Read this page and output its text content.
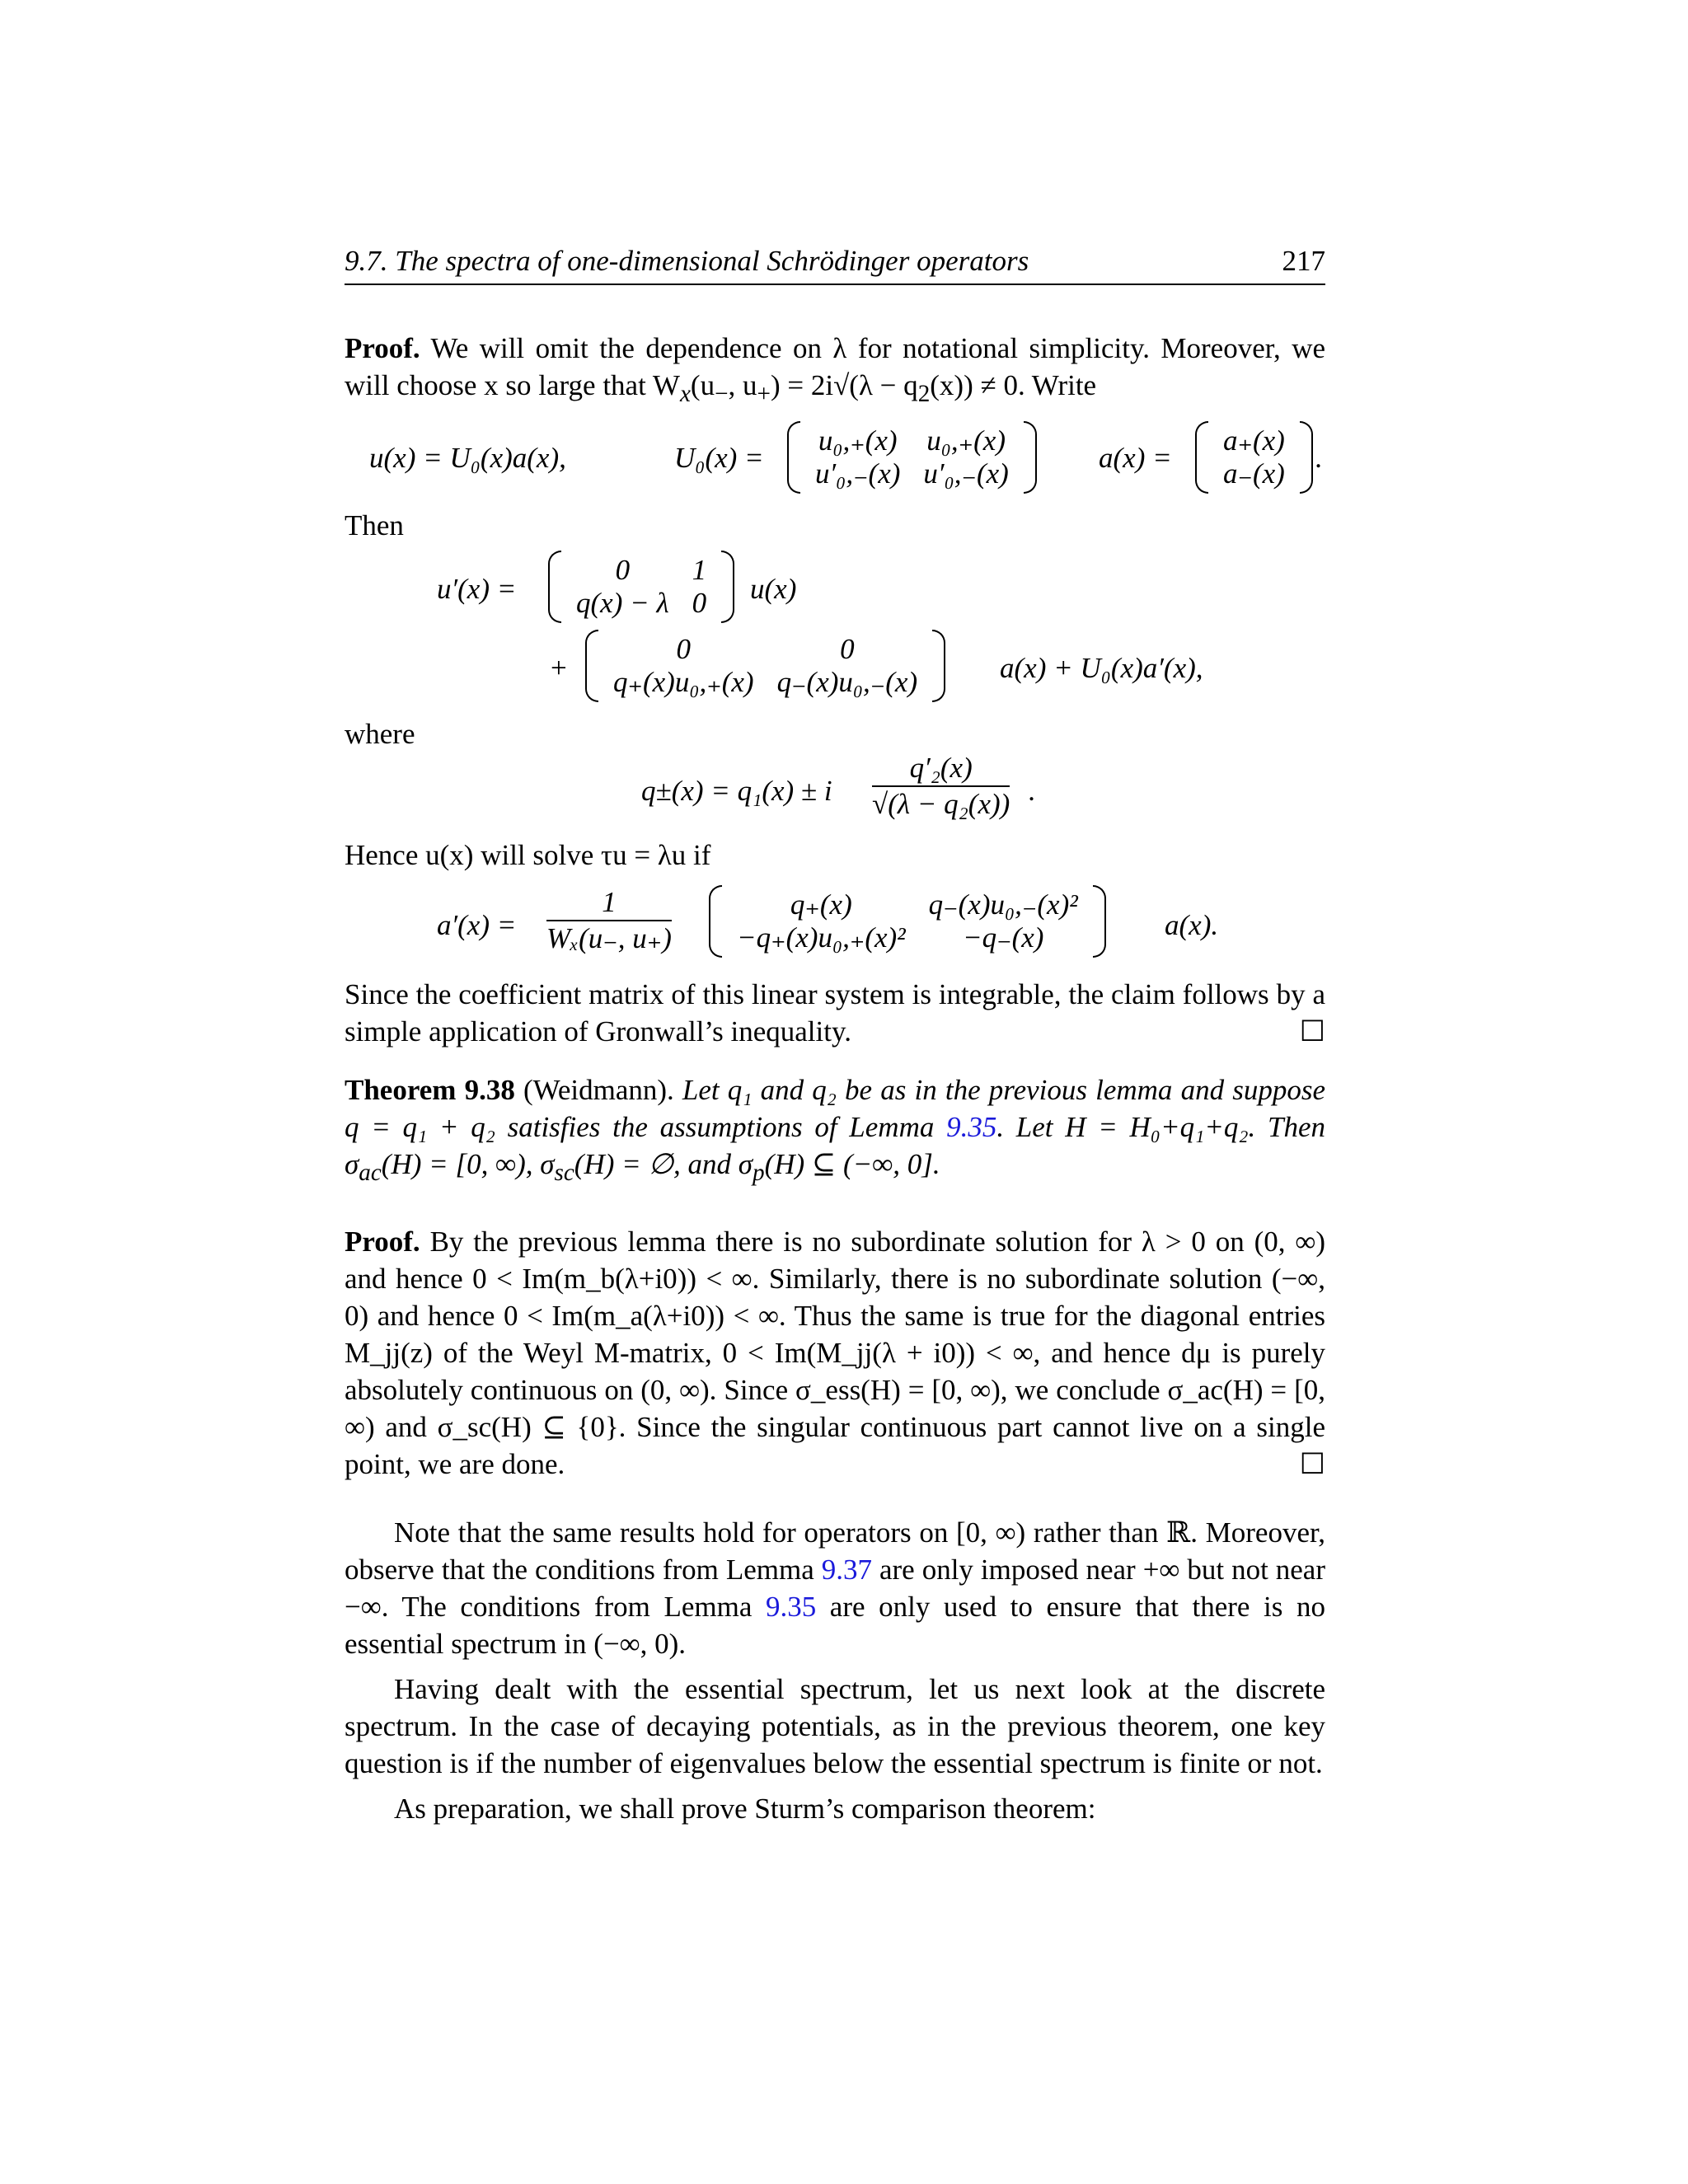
9.7. The spectra of one-dimensional Schrödinger operators	217

Proof. We will omit the dependence on λ for notational simplicity. Moreover, we will choose x so large that $W_x(u_-$, $u_+) = 2i√(\lambda - q_2(x)) \ne 0$. Write

u(x) = U₀(x)a(x),	U₀(x) =
u₀,₊(x)	u₀,₊(x)
u′₀,₋(x)	u′₀,₋(x)	a(x) =
a₊(x)
a₋(x) .

Then

u′(x) =
0	1
q(x) − λ	0 u(x)
+
0	0
q₊(x)u₀,₊(x)	q₋(x)u₀,₋(x)	a(x) + U₀(x)a′(x),

where

q±(x) = q₁(x) ± i $\frac{\text{q′₂(x)}}{\text{√(λ − q₂(x))}}$ .

Hence u(x) will solve τu = λu if

$a'(x) = \frac{1}{\text{Wₓ(u₋, u₊)}}$	q₊(x)	q₋(x)u₀,₋(x)²
−q₊(x)u₀,₊(x)²	−q₋(x)	a(x).

Since the coefficient matrix of this linear system is integrable, the claim follows by a simple application of Gronwall’s inequality.	☐

Theorem 9.38 (Weidmann). Let q₁ and q₂ be as in the previous lemma and suppose q = q₁ + q₂ satisfies the assumptions of Lemma 9.35. Let H = H₀+q₁+q₂. Then $\sigma_{ac}(H) = [0$, ∞), $\sigma_{sc}(H)$ = ∅, and $\sigma_p(H)$ ⊆ (−∞, 0].

Proof. By the previous lemma there is no subordinate solution for λ > 0 on (0, ∞) and hence 0 < Im(m_b(λ+i0)) < ∞. Similarly, there is no subordinate solution (−∞, 0) and hence 0 < Im(m_a(λ+i0)) < ∞. Thus the same is true for the diagonal entries M_jj(z) of the Weyl M-matrix, 0 < Im(M_jj(λ + i0)) < ∞, and hence dμ is purely absolutely continuous on (0, ∞). Since σ_ess(H) = [0, ∞), we conclude σ_ac(H) = [0, ∞) and σ_sc(H) ⊆ {0}. Since the singular continuous part cannot live on a single point, we are done.	☐

Note that the same results hold for operators on [0, ∞) rather than ℝ. Moreover, observe that the conditions from Lemma 9.37 are only imposed near +∞ but not near −∞. The conditions from Lemma 9.35 are only used to ensure that there is no essential spectrum in (−∞, 0).

Having dealt with the essential spectrum, let us next look at the discrete spectrum. In the case of decaying potentials, as in the previous theorem, one key question is if the number of eigenvalues below the essential spectrum is finite or not.

As preparation, we shall prove Sturm’s comparison theorem:
